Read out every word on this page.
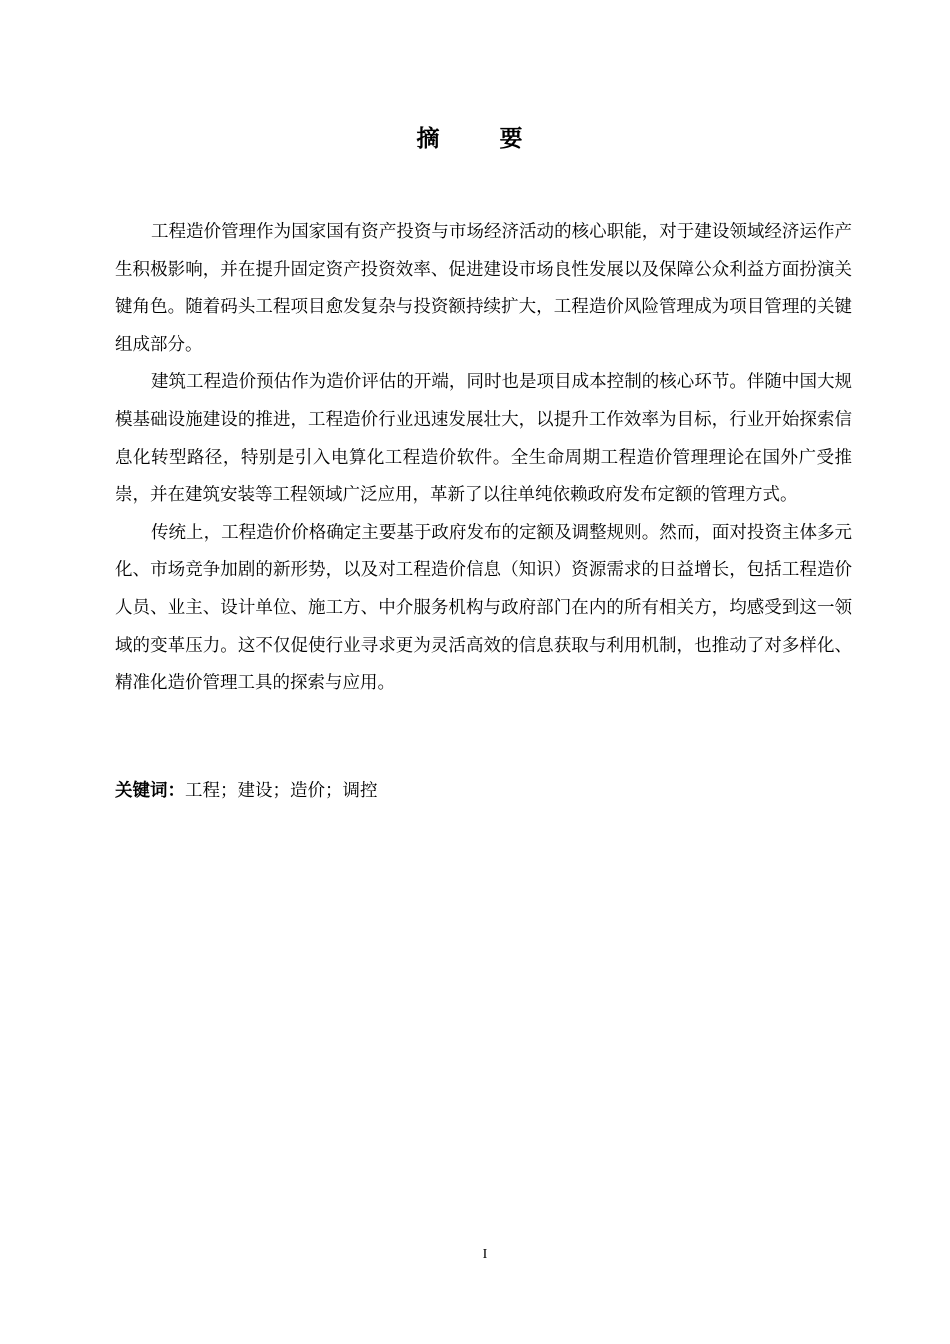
摘 要

工程造价管理作为国家国有资产投资与市场经济活动的核心职能，对于建设领域经济运作产生积极影响，并在提升固定资产投资效率、促进建设市场良性发展以及保障公众利益方面扮演关键角色。随着码头工程项目愈发复杂与投资额持续扩大，工程造价风险管理成为项目管理的关键组成部分。

建筑工程造价预估作为造价评估的开端，同时也是项目成本控制的核心环节。伴随中国大规模基础设施建设的推进，工程造价行业迅速发展壮大，以提升工作效率为目标，行业开始探索信息化转型路径，特别是引入电算化工程造价软件。全生命周期工程造价管理理论在国外广受推崇，并在建筑安装等工程领域广泛应用，革新了以往单纯依赖政府发布定额的管理方式。

传统上，工程造价价格确定主要基于政府发布的定额及调整规则。然而，面对投资主体多元化、市场竞争加剧的新形势，以及对工程造价信息（知识）资源需求的日益增长，包括工程造价人员、业主、设计单位、施工方、中介服务机构与政府部门在内的所有相关方，均感受到这一领域的变革压力。这不仅促使行业寻求更为灵活高效的信息获取与利用机制，也推动了对多样化、精准化造价管理工具的探索与应用。

关键词：工程；建设；造价；调控
I
